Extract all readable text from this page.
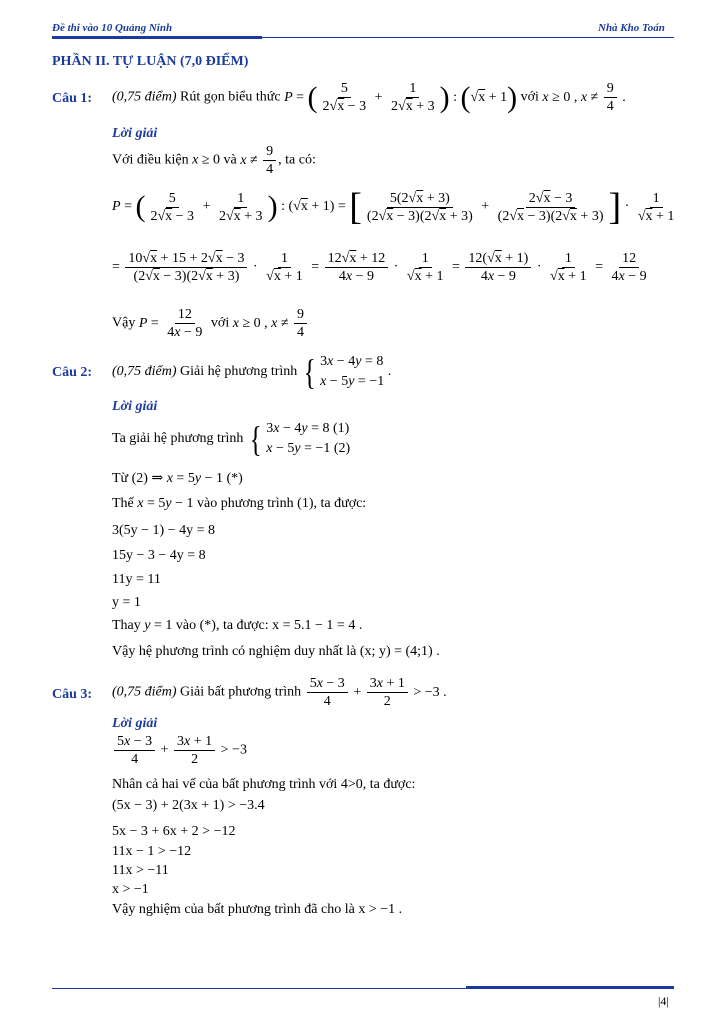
Đề thi vào 10 Quảng Ninh	Nhà Kho Toán
PHẦN II. TỰ LUẬN (7,0 ĐIỂM)
Câu 1: (0,75 điểm) Rút gọn biểu thức P = ( $\frac{5}{2√x - 3} + \frac{1}{2√x + 3}$ ) : (√x + 1) với x ≥ 0 , $x \ne \frac{9}{4}$ .
Lời giải
Với điều kiện x ≥ 0 và $x \ne \frac{9}{4}$ , ta có:
P = ( $\frac{5}{2√x - 3} + \frac{1}{2√x + 3}$ ) : (√x + 1) = [ $\frac{5(2√x + 3)}{(2√x - 3)(2√x + 3)} + \frac{2√x - 3}{(2√x - 3)(2√x + 3)}$ ] · $\frac{1}{√x + 1}$
= $\frac{10√x + 15 + 2√x - 3}{(2√x - 3)(2√x + 3)} \cdot \frac{1}{√x + 1} = \frac{12√x + 12}{4x - 9} \cdot \frac{1}{√x + 1} = \frac{12(√x + 1)}{4x - 9} \cdot \frac{1}{√x + 1} = \frac{12}{4x - 9}$
Vậy $P = \frac{12}{4x - 9}$ với x ≥ 0 , $x \ne \frac{9}{4}$
Câu 2: (0,75 điểm) Giải hệ phương trình { 3x − 4y = 8
x − 5y = −1
.
Lời giải
Ta giải hệ phương trình { 3x − 4y = 8 (1)
x − 5y = −1 (2)
Từ (2) ⇒ x = 5y − 1 (*)
Thế x = 5y − 1 vào phương trình (1), ta được:
3(5y − 1) − 4y = 8
15y − 3 − 4y = 8
11y = 11
y = 1
Thay y = 1 vào (*), ta được: x = 5.1 − 1 = 4 .
Vậy hệ phương trình có nghiệm duy nhất là (x; y) = (4;1) .
Câu 3: (0,75 điểm) Giải bất phương trình $\frac{5x - 3}{4} + \frac{3x + 1}{2} > -3$ .
Lời giải
$\frac{5x - 3}{4} + \frac{3x + 1}{2} > -3$
Nhân cả hai vế của bất phương trình với 4>0, ta được:
(5x − 3) + 2(3x + 1) > −3.4
5x − 3 + 6x + 2 > −12
11x − 1 > −12
11x > −11
x > −1
Vậy nghiệm của bất phương trình đã cho là x > −1 .
|4|
